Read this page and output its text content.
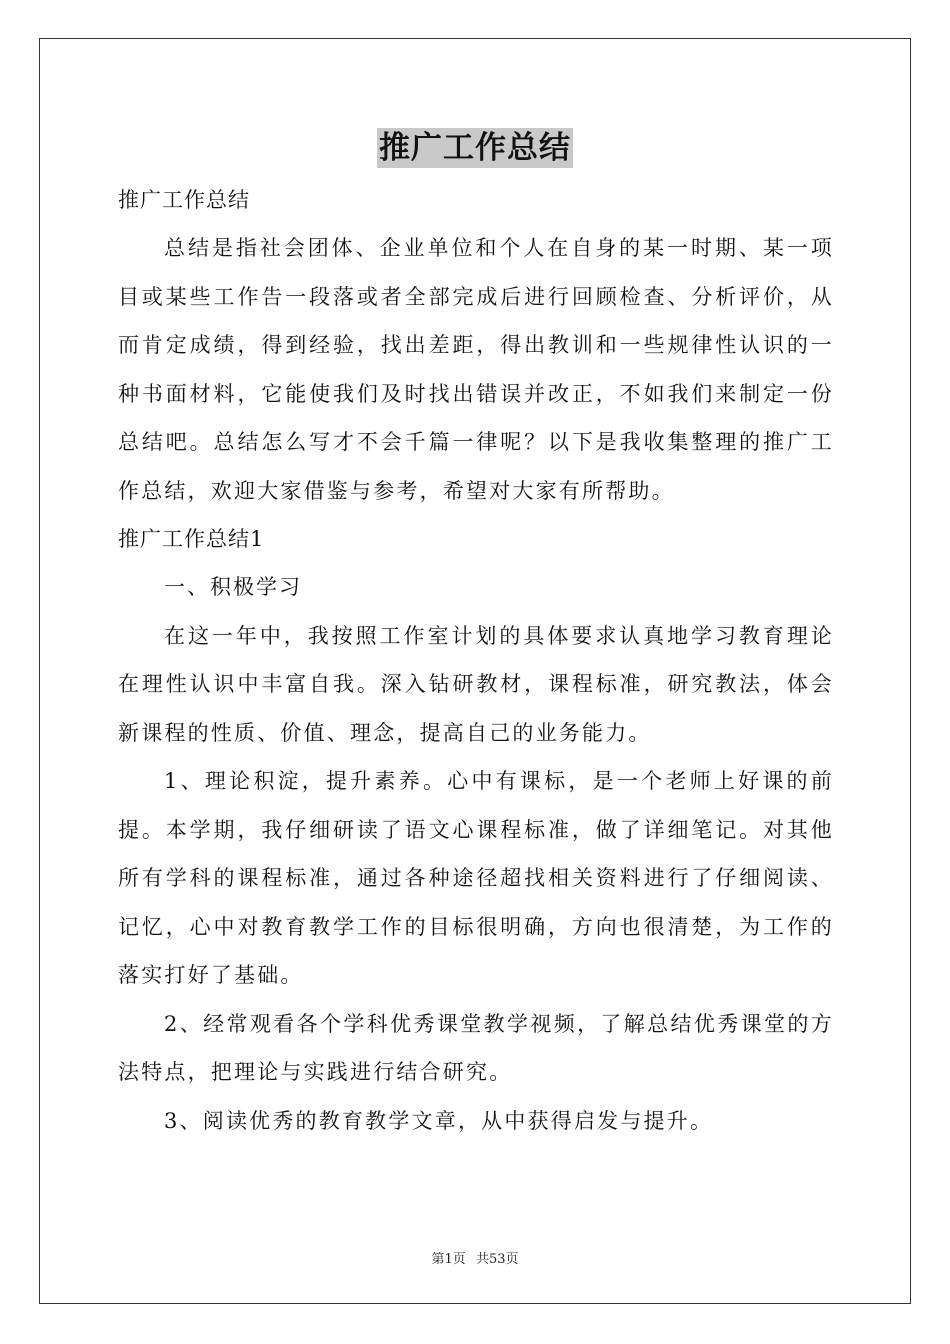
推广工作总结

推广工作总结

总结是指社会团体、企业单位和个人在自身的某一时期、某一项目或某些工作告一段落或者全部完成后进行回顾检查、分析评价，从而肯定成绩，得到经验，找出差距，得出教训和一些规律性认识的一种书面材料，它能使我们及时找出错误并改正，不如我们来制定一份总结吧。总结怎么写才不会千篇一律呢？以下是我收集整理的推广工作总结，欢迎大家借鉴与参考，希望对大家有所帮助。

推广工作总结1

一、积极学习

在这一年中，我按照工作室计划的具体要求认真地学习教育理论在理性认识中丰富自我。深入钻研教材，课程标准，研究教法，体会新课程的性质、价值、理念，提高自己的业务能力。

1、理论积淀，提升素养。心中有课标，是一个老师上好课的前提。本学期，我仔细研读了语文心课程标准，做了详细笔记。对其他所有学科的课程标准，通过各种途径超找相关资料进行了仔细阅读、记忆，心中对教育教学工作的目标很明确，方向也很清楚，为工作的落实打好了基础。

2、经常观看各个学科优秀课堂教学视频，了解总结优秀课堂的方法特点，把理论与实践进行结合研究。

3、阅读优秀的教育教学文章，从中获得启发与提升。

第1页 共53页
